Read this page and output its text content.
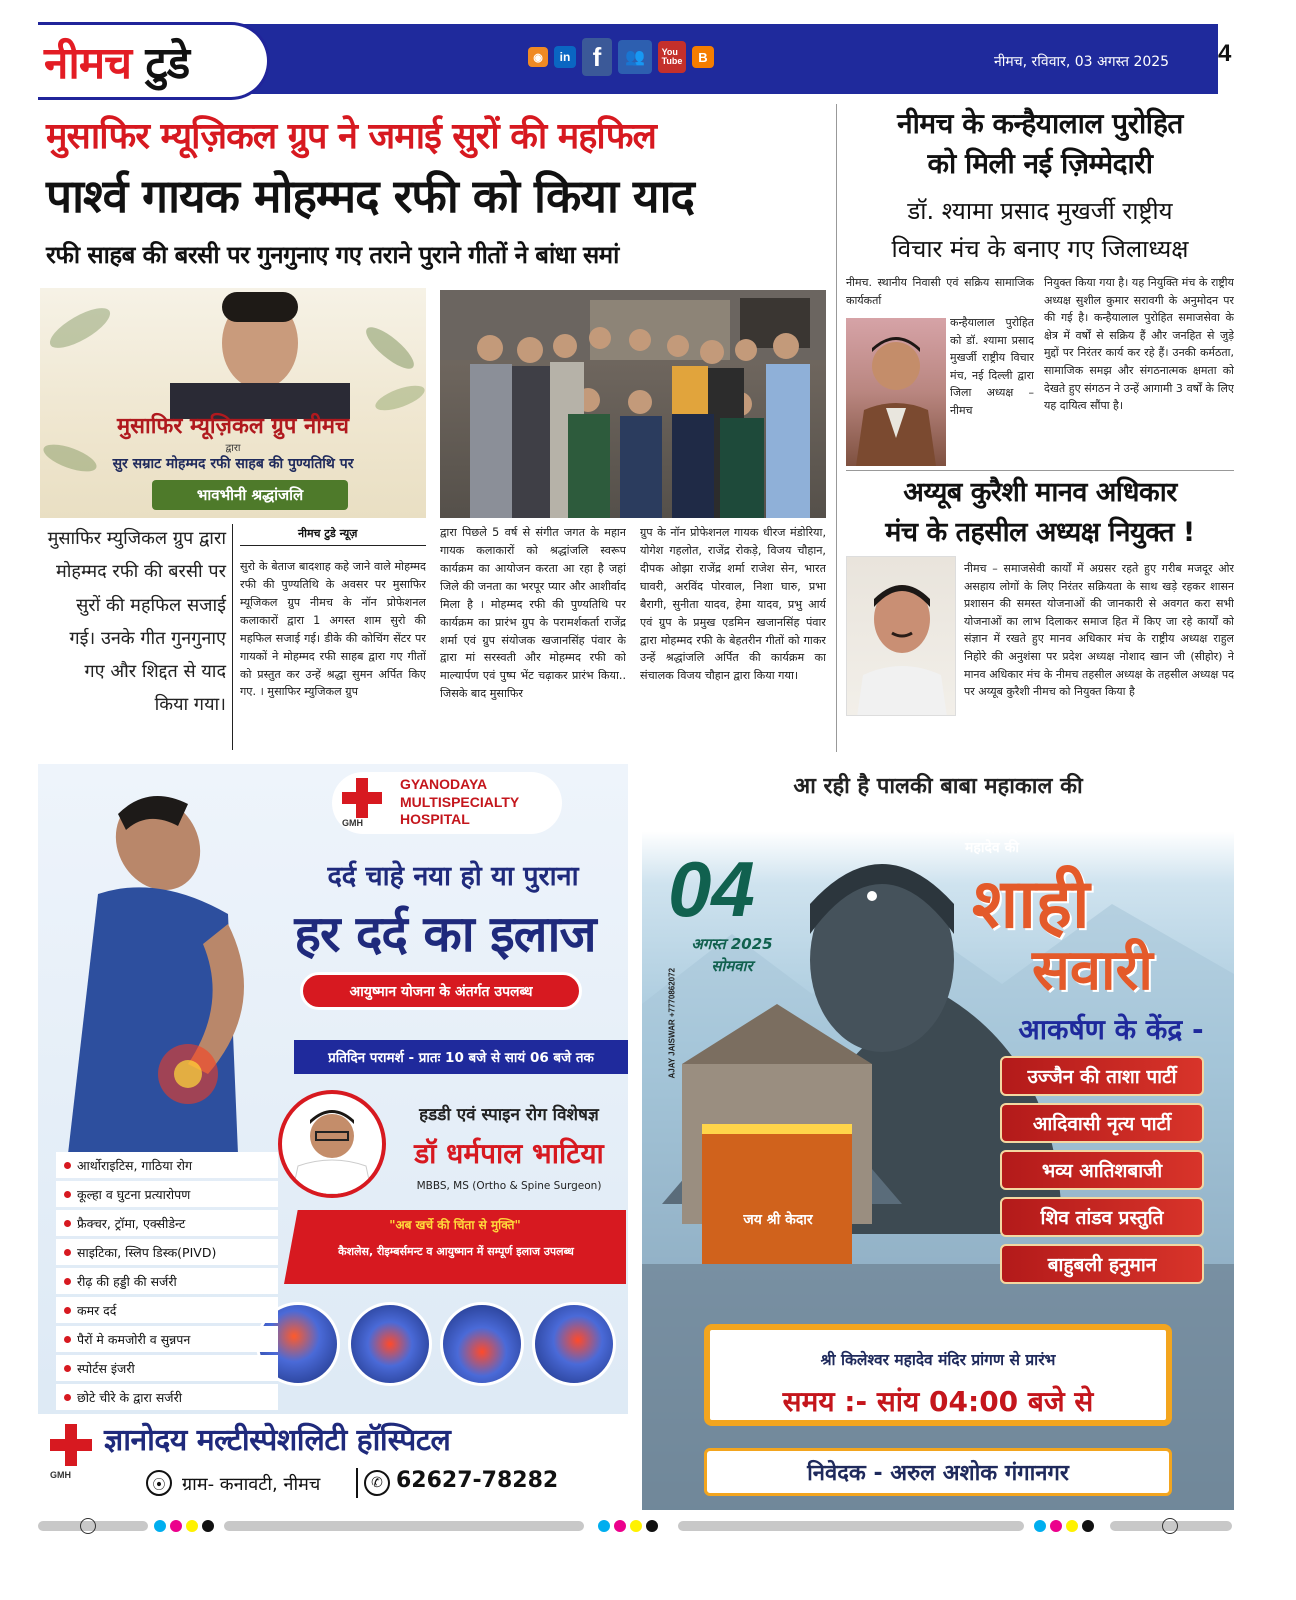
नीमच टुडे	◉	in f	👥	You
Tube	B	नीमच, रविवार, 03 अगस्त 2025 4
मुसाफिर म्यूज़िकल ग्रुप ने जमाई सुरों की महफिल
पार्श्व गायक मोहम्मद रफी को किया याद
रफी साहब की बरसी पर गुनगुनाए गए तराने पुराने गीतों ने बांधा समां
मुसाफिर म्यूज़िकल ग्रुप नीमच
द्वारा
सुर सम्राट मोहम्मद रफी साहब की पुण्यतिथि पर
भावभीनी श्रद्धांजलि
मुसाफिर म्युजिकल ग्रुप द्वारा मोहम्मद रफी की बरसी पर सुरों की महफिल सजाई गई। उनके गीत गुनगुनाए गए और शिद्दत से याद किया गया।
नीमच टुडे न्यूज़
सुरो के बेताज बादशाह कहे जाने वाले मोहम्मद रफी की पुण्यतिथि के अवसर पर मुसाफिर म्यूजिकल ग्रुप नीमच के नॉन प्रोफेशनल कलाकारों द्वारा 1 अगस्त शाम सुरो की महफिल सजाई गई। डीके की कोचिंग सेंटर पर गायकों ने मोहम्मद रफी साहब द्वारा गए गीतों को प्रस्तुत कर उन्हें श्रद्धा सुमन अर्पित किए गए. । मुसाफिर म्युजिकल ग्रुप
द्वारा पिछले 5 वर्ष से संगीत जगत के महान गायक कलाकारों को श्रद्धांजलि स्वरूप कार्यक्रम का आयोजन करता आ रहा है जहां जिले की जनता का भरपूर प्यार और आशीर्वाद मिला है । मोहम्मद रफी की पुण्यतिथि पर कार्यक्रम का प्रारंभ ग्रुप के परामर्शकर्ता राजेंद्र शर्मा एवं ग्रुप संयोजक खजानसिंह पंवार के द्वारा मां सरस्वती और मोहम्मद रफी को माल्यार्पण एवं पुष्प भेंट चढ़ाकर प्रारंभ किया.. जिसके बाद मुसाफिर
ग्रुप के नॉन प्रोफेशनल गायक धीरज मंडोरिया, योगेश गहलोत, राजेंद्र रोकड़े, विजय चौहान, दीपक ओझा राजेंद्र शर्मा राजेश सेन, भारत घावरी, अरविंद पोरवाल, निशा घारु, प्रभा बैरागी, सुनीता यादव, हेमा यादव, प्रभु आर्य एवं ग्रुप के प्रमुख एडमिन खजानसिंह पंवार द्वारा मोहम्मद रफी के बेहतरीन गीतों को गाकर उन्हें श्रद्धांजलि अर्पित की कार्यक्रम का संचालक विजय चौहान द्वारा किया गया।
नीमच के कन्हैयालाल पुरोहित
को मिली नई ज़िम्मेदारी
डॉ. श्यामा प्रसाद मुखर्जी राष्ट्रीय
विचार मंच के बनाए गए जिलाध्यक्ष
नीमच. स्थानीय निवासी एवं सक्रिय सामाजिक कार्यकर्ता
कन्हैयालाल पुरोहित को डॉ. श्यामा प्रसाद मुखर्जी राष्ट्रीय विचार मंच, नई दिल्ली द्वारा जिला अध्यक्ष – नीमच
नियुक्त किया गया है। यह नियुक्ति मंच के राष्ट्रीय अध्यक्ष सुशील कुमार सरावगी के अनुमोदन पर की गई है। कन्हैयालाल पुरोहित समाजसेवा के क्षेत्र में वर्षों से सक्रिय हैं और जनहित से जुड़े मुद्दों पर निरंतर कार्य कर रहे हैं। उनकी कर्मठता, सामाजिक समझ और संगठनात्मक क्षमता को देखते हुए संगठन ने उन्हें आगामी 3 वर्षों के लिए यह दायित्व सौंपा है।
अय्यूब कुरैशी मानव अधिकार
मंच के तहसील अध्यक्ष नियुक्त !
नीमच – समाजसेवी कार्यों में अग्रसर रहते हुए गरीब मजदूर ओर असहाय लोगों के लिए निरंतर सक्रियता के साथ खड़े रहकर शासन प्रशासन की समस्त योजनाओं की जानकारी से अवगत करा सभी योजनाओं का लाभ दिलाकर समाज हित में किए जा रहे कार्यों को संज्ञान में रखते हुए मानव अधिकार मंच के राष्ट्रीय अध्यक्ष राहुल निहोरे की अनुशंसा पर प्रदेश अध्यक्ष नोशाद खान जी (सीहोर) ने मानव अधिकार मंच के नीमच तहसील अध्यक्ष के तहसील अध्यक्ष पद पर अय्यूब कुरैशी नीमच को नियुक्त किया है
GMH
GYANODAYA
MULTISPECIALTY
HOSPITAL
दर्द चाहे नया हो या पुराना
हर दर्द का इलाज
आयुष्मान योजना के अंतर्गत उपलब्ध
प्रतिदिन परामर्श - प्रातः 10 बजे से सायं 06 बजे तक
हडडी एवं स्पाइन रोग विशेषज्ञ
डॉ धर्मपाल भाटिया
MBBS, MS (Ortho & Spine Surgeon)
"अब खर्चे की चिंता से मुक्ति"
कैशलेस, रीइम्बर्समन्ट व आयुष्मान में सम्पूर्ण इलाज उपलब्ध
आर्थोराइटिस, गाठिया रोग
कूल्हा व घुटना प्रत्यारोपण
फ्रैक्चर, ट्रॉमा, एक्सीडेन्ट
साइटिका, स्लिप डिस्क(PIVD)
रीढ़ की हड्डी की सर्जरी
कमर दर्द
पैरों मे कमजोरी व सुन्नपन
स्पोर्टस इंजरी
छोटे चीरे के द्वारा सर्जरी
GMH
ज्ञानोदय मल्टीस्पेशलिटी हॉस्पिटल
⦿ ग्राम- कनावटी, नीमच	✆ 62627-78282
आ रही है पालकी बाबा महाकाल की
04
अगस्त 2025
सोमवार
AJAY JAISWAR +7770862072
श्री किलेश्वर
महादेव की
शाही
सवारी
आकर्षण के केंद्र -
उज्जैन की ताशा पार्टी
आदिवासी नृत्य पार्टी
भव्य आतिशबाजी
शिव तांडव प्रस्तुति
बाहुबली हनुमान
जय श्री केदार
श्री किलेश्वर महादेव मंदिर प्रांगण से प्रारंभ
समय :- सांय 04:00 बजे से
निवेदक - अरुल अशोक गंगानगर
